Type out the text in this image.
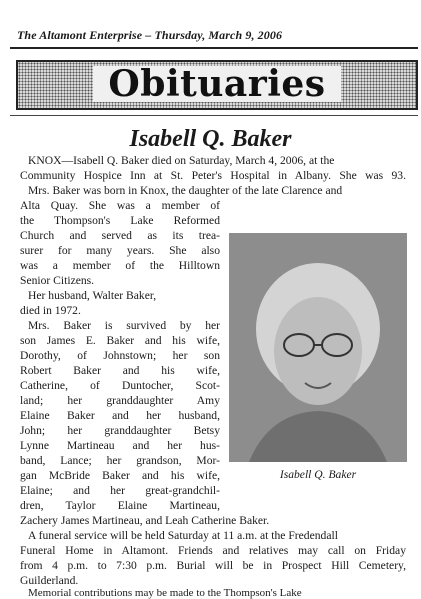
The Altamont Enterprise – Thursday, March 9, 2006
Obituaries
Isabell Q. Baker
KNOX—Isabell Q. Baker died on Saturday, March 4, 2006, at the
Community Hospice Inn at St. Peter's Hospital in Albany. She was 93.
Mrs. Baker was born in Knox, the daughter of the late Clarence and
Alta Quay. She was a member of
the Thompson's Lake Reformed
Church and served as its trea-
surer for many years. She also
was a member of the Hilltown
Senior Citizens.
Her husband, Walter Baker,
died in 1972.
Mrs. Baker is survived by her
son James E. Baker and his wife,
Dorothy, of Johnstown; her son
Robert Baker and his wife,
Catherine, of Duntocher, Scot-
land; her granddaughter Amy
Elaine Baker and her husband,
John; her granddaughter Betsy
Lynne Martineau and her hus-
band, Lance; her grandson, Mor-
gan McBride Baker and his wife,
Elaine; and her great-grandchil-
dren, Taylor Elaine Martineau,
Zachery James Martineau, and Leah Catherine Baker.
A funeral service will be held Saturday at 11 a.m. at the Fredendall
Funeral Home in Altamont. Friends and relatives may call on Friday
from 4 p.m. to 7:30 p.m. Burial will be in Prospect Hill Cemetery,
Guilderland.
Memorial contributions may be made to the Thompson's Lake
Isabell Q. Baker
